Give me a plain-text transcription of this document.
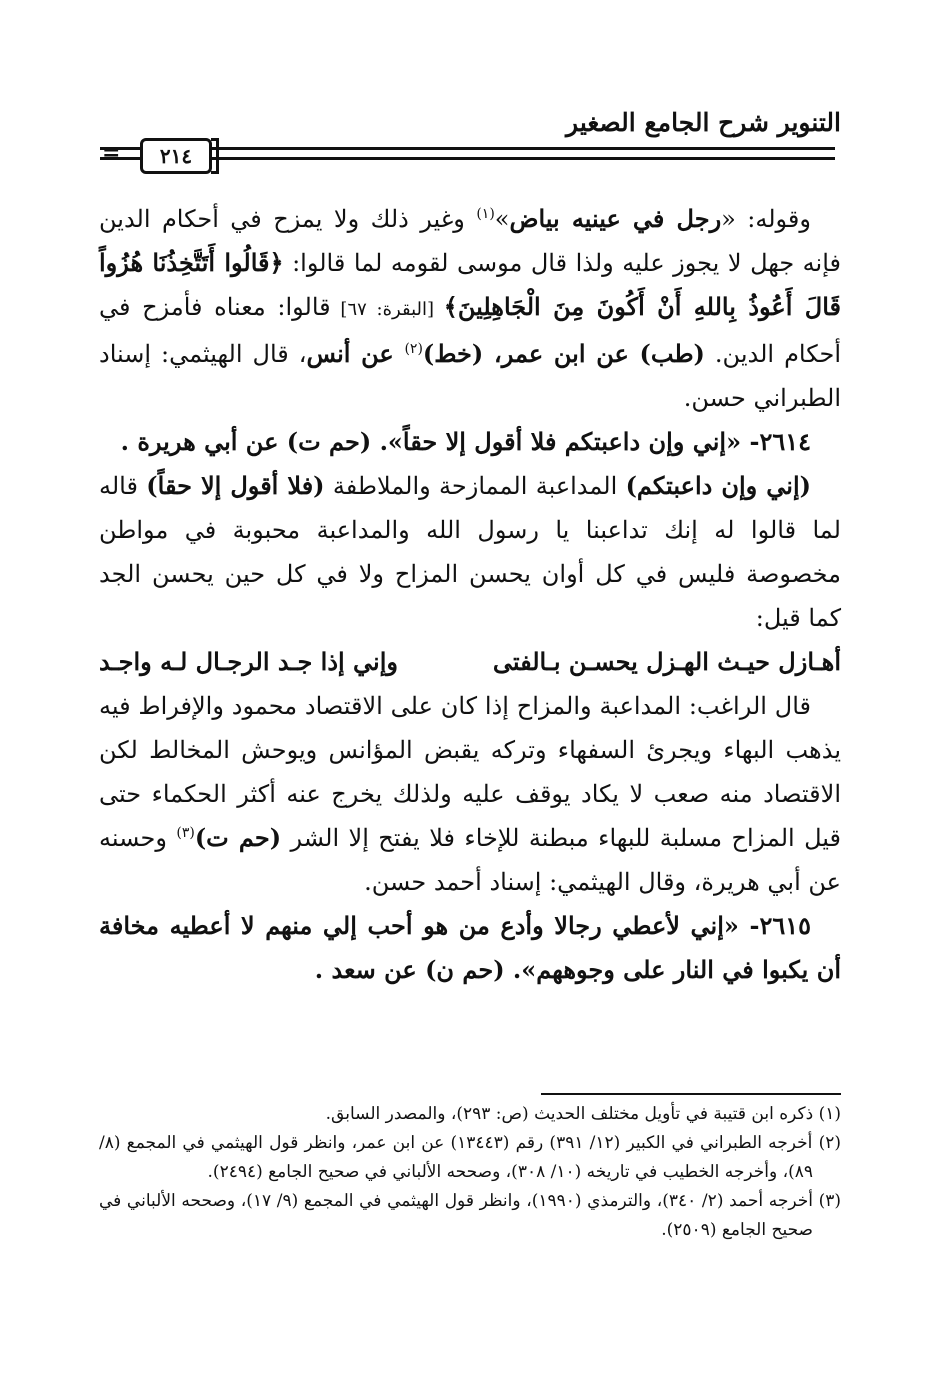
التنوير شرح الجامع الصغير
٢١٤
=

وقوله: «رجل في عينيه بياض»$^{(١)}$ وغير ذلك ولا يمزح في أحكام الدين فإنه جهل لا يجوز عليه ولذا قال موسى لقومه لما قالوا: ﴿قَالُوا أَتَتَّخِذُنَا هُزُواً قَالَ أَعُوذُ بِاللهِ أَنْ أَكُونَ مِنَ الْجَاهِلِينَ﴾ [البقرة: ٦٧] قالوا: معناه فأمزح في أحكام الدين. (طب) عن ابن عمر، (خط)$^{(٢)}$ عن أنس، قال الهيثمي: إسناد الطبراني حسن.

٢٦١٤- «إني وإن داعبتكم فلا أقول إلا حقاً». (حم ت) عن أبي هريرة .

(إني وإن داعبتكم) المداعبة الممازحة والملاطفة (فلا أقول إلا حقاً) قاله لما قالوا له إنك تداعبنا يا رسول الله والمداعبة محبوبة في مواطن مخصوصة فليس في كل أوان يحسن المزاح ولا في كل حين يحسن الجد كما قيل:

أهـازل حيـث الهـزل يحسـن بـالفتى
وإني إذا جـد الرجـال لـه واجـد

قال الراغب: المداعبة والمزاح إذا كان على الاقتصاد محمود والإفراط فيه يذهب البهاء ويجرئ السفهاء وتركه يقبض المؤانس ويوحش المخالط لكن الاقتصاد منه صعب لا يكاد يوقف عليه ولذلك يخرج عنه أكثر الحكماء حتى قيل المزاح مسلبة للبهاء مبطنة للإخاء فلا يفتح إلا الشر (حم ت)$^{(٣)}$ وحسنه عن أبي هريرة، وقال الهيثمي: إسناد أحمد حسن.

٢٦١٥- «إني لأعطي رجالا وأدع من هو أحب إلي منهم لا أعطيه مخافة أن يكبوا في النار على وجوههم». (حم ن) عن سعد .

(١) ذكره ابن قتيبة في تأويل مختلف الحديث (ص: ٢٩٣)، والمصدر السابق.

(٢) أخرجه الطبراني في الكبير (١٢/ ٣٩١) رقم (١٣٤٤٣) عن ابن عمر، وانظر قول الهيثمي في المجمع (٨/ ٨٩)، وأخرجه الخطيب في تاريخه (١٠/ ٣٠٨)، وصححه الألباني في صحيح الجامع (٢٤٩٤).

(٣) أخرجه أحمد (٢/ ٣٤٠)، والترمذي (١٩٩٠)، وانظر قول الهيثمي في المجمع (٩/ ١٧)، وصححه الألباني في صحيح الجامع (٢٥٠٩).
